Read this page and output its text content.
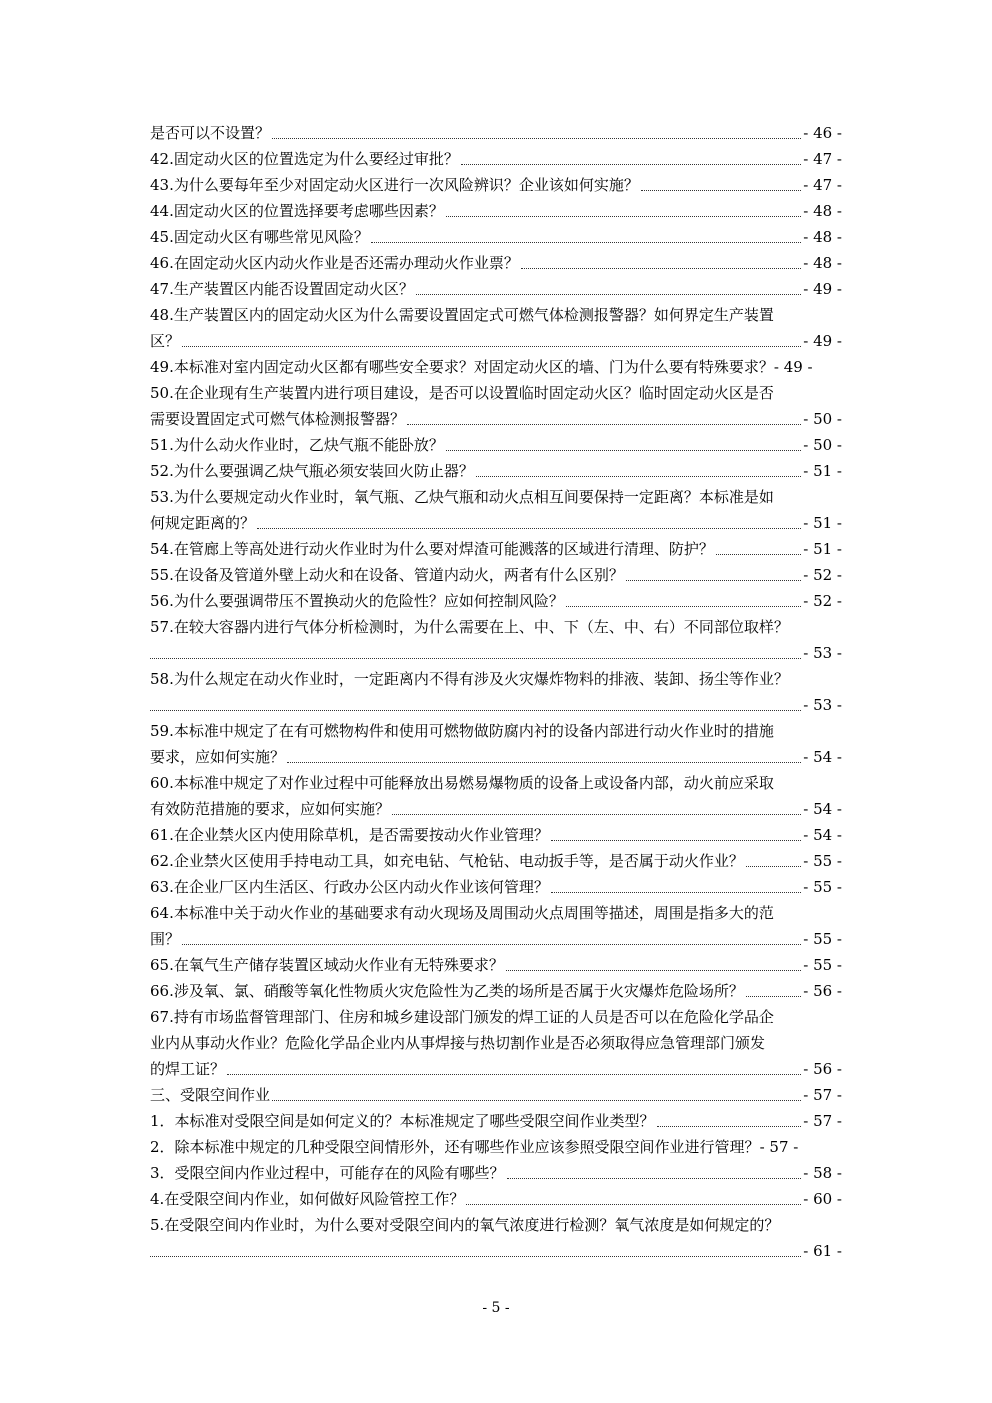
是否可以不设置？	- 46 -
42.固定动火区的位置选定为什么要经过审批？	- 47 -
43.为什么要每年至少对固定动火区进行一次风险辨识？企业该如何实施？	- 47 -
44.固定动火区的位置选择要考虑哪些因素？	- 48 -
45.固定动火区有哪些常见风险？	- 48 -
46.在固定动火区内动火作业是否还需办理动火作业票？	- 48 -
47.生产装置区内能否设置固定动火区？	- 49 -
48.生产装置区内的固定动火区为什么需要设置固定式可燃气体检测报警器？如何界定生产装置
区？	- 49 -
49.本标准对室内固定动火区都有哪些安全要求？对固定动火区的墙、门为什么要有特殊要求？- 49 -
50.在企业现有生产装置内进行项目建设，是否可以设置临时固定动火区？临时固定动火区是否
需要设置固定式可燃气体检测报警器？	- 50 -
51.为什么动火作业时，乙炔气瓶不能卧放？	- 50 -
52.为什么要强调乙炔气瓶必须安装回火防止器？	- 51 -
53.为什么要规定动火作业时，氧气瓶、乙炔气瓶和动火点相互间要保持一定距离？本标准是如
何规定距离的？	- 51 -
54.在管廊上等高处进行动火作业时为什么要对焊渣可能溅落的区域进行清理、防护？	- 51 -
55.在设备及管道外壁上动火和在设备、管道内动火，两者有什么区别？	- 52 -
56.为什么要强调带压不置换动火的危险性？应如何控制风险？	- 52 -
57.在较大容器内进行气体分析检测时，为什么需要在上、中、下（左、中、右）不同部位取样？
- 53 -
58.为什么规定在动火作业时，一定距离内不得有涉及火灾爆炸物料的排液、装卸、扬尘等作业？
- 53 -
59.本标准中规定了在有可燃物构件和使用可燃物做防腐内衬的设备内部进行动火作业时的措施
要求，应如何实施？	- 54 -
60.本标准中规定了对作业过程中可能释放出易燃易爆物质的设备上或设备内部，动火前应采取
有效防范措施的要求，应如何实施？	- 54 -
61.在企业禁火区内使用除草机，是否需要按动火作业管理？	- 54 -
62.企业禁火区使用手持电动工具，如充电钻、气枪钻、电动扳手等，是否属于动火作业？	- 55 -
63.在企业厂区内生活区、行政办公区内动火作业该何管理？	- 55 -
64.本标准中关于动火作业的基础要求有动火现场及周围动火点周围等描述，周围是指多大的范
围？	- 55 -
65.在氧气生产储存装置区域动火作业有无特殊要求？	- 55 -
66.涉及氧、氯、硝酸等氧化性物质火灾危险性为乙类的场所是否属于火灾爆炸危险场所？	- 56 -
67.持有市场监督管理部门、住房和城乡建设部门颁发的焊工证的人员是否可以在危险化学品企
业内从事动火作业？危险化学品企业内从事焊接与热切割作业是否必须取得应急管理部门颁发
的焊工证？	- 56 -
三、受限空间作业	- 57 -
1．本标准对受限空间是如何定义的？本标准规定了哪些受限空间作业类型？	- 57 -
2．除本标准中规定的几种受限空间情形外，还有哪些作业应该参照受限空间作业进行管理？- 57 -
3．受限空间内作业过程中，可能存在的风险有哪些？	- 58 -
4.在受限空间内作业，如何做好风险管控工作？	- 60 -
5.在受限空间内作业时，为什么要对受限空间内的氧气浓度进行检测？氧气浓度是如何规定的？
- 61 -
- 5 -
